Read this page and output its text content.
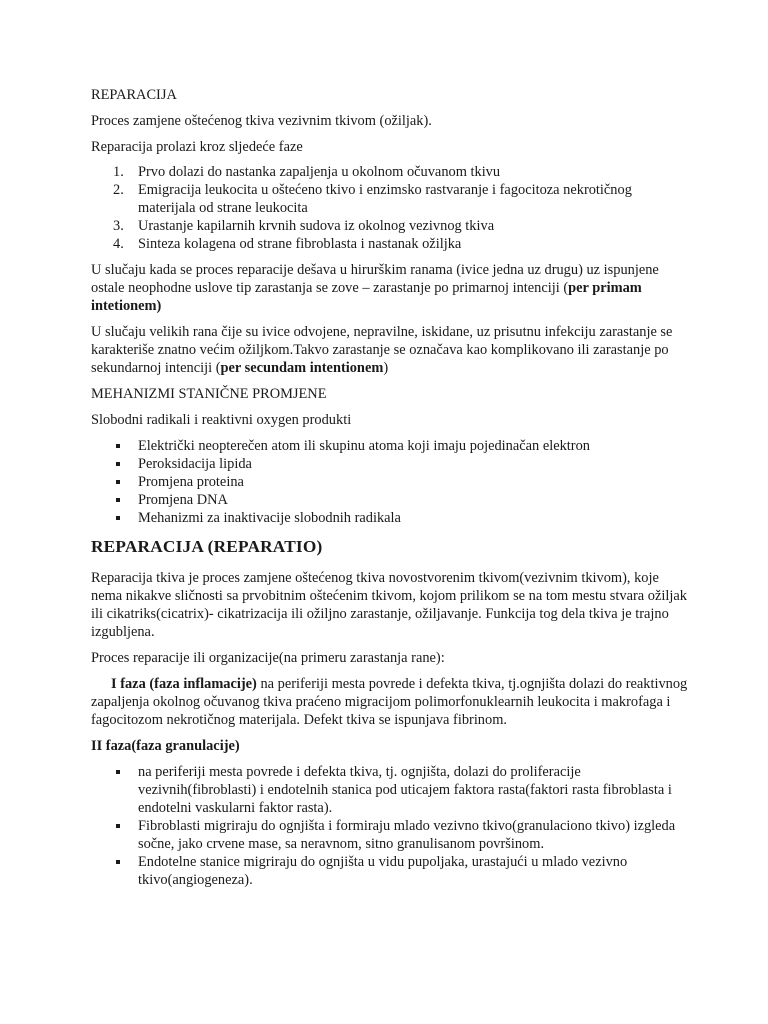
REPARACIJA

Proces zamjene oštećenog tkiva vezivnim tkivom (ožiljak).

Reparacija prolazi kroz sljedeće faze

1. Prvo dolazi do nastanka zapaljenja u okolnom očuvanom tkivu
2. Emigracija leukocita u oštećeno tkivo i enzimsko rastvaranje i fagocitoza nekrotičnog materijala od strane leukocita
3. Urastanje kapilarnih krvnih sudova iz okolnog vezivnog tkiva
4. Sinteza kolagena od strane fibroblasta i nastanak ožiljka

U slučaju kada se proces reparacije dešava u hirurškim ranama (ivice jedna uz drugu) uz ispunjene ostale neophodne uslove tip zarastanja se zove – zarastanje po primarnoj intenciji (per primam intetionem)

U slučaju velikih rana čije su ivice odvojene, nepravilne, iskidane, uz prisutnu infekciju zarastanje se karakteriše znatno većim ožiljkom.Takvo zarastanje se označava kao komplikovano ili zarastanje po sekundarnoj intenciji (per secundam intentionem)

MEHANIZMI STANIČNE PROMJENE

Slobodni radikali i reaktivni oxygen produkti

Električki neopterečen atom ili skupinu atoma koji imaju pojedinačan elektron
Peroksidacija lipida
Promjena proteina
Promjena DNA
Mehanizmi za inaktivacije slobodnih radikala

REPARACIJA (REPARATIO)

Reparacija tkiva je proces zamjene oštećenog tkiva novostvorenim tkivom(vezivnim tkivom), koje nema nikakve sličnosti sa prvobitnim oštećenim tkivom, kojom prilikom se na tom mestu stvara ožiljak ili cikatriks(cicatrix)- cikatrizacija ili ožiljno zarastanje, ožiljavanje. Funkcija tog dela tkiva je trajno izgubljena.

Proces reparacije ili organizacije(na primeru zarastanja rane):

I faza (faza inflamacije) na periferiji mesta povrede i defekta tkiva, tj.ognjišta dolazi do reaktivnog zapaljenja okolnog očuvanog tkiva praćeno migracijom polimorfonuklearnih leukocita i makrofaga i fagocitozom nekrotičnog materijala. Defekt tkiva se ispunjava fibrinom.

II faza(faza granulacije)

na periferiji mesta povrede i defekta tkiva, tj. ognjišta, dolazi do proliferacije vezivnih(fibroblasti) i endotelnih stanica pod uticajem faktora rasta(faktori rasta fibroblasta i endotelni vaskularni faktor rasta).
Fibroblasti migriraju do ognjišta i formiraju mlado vezivno tkivo(granulaciono tkivo) izgleda sočne, jako crvene mase, sa neravnom, sitno granulisanom površinom.
Endotelne stanice migriraju do ognjišta u vidu pupoljaka, urastajući u mlado vezivno tkivo(angiogeneza).
